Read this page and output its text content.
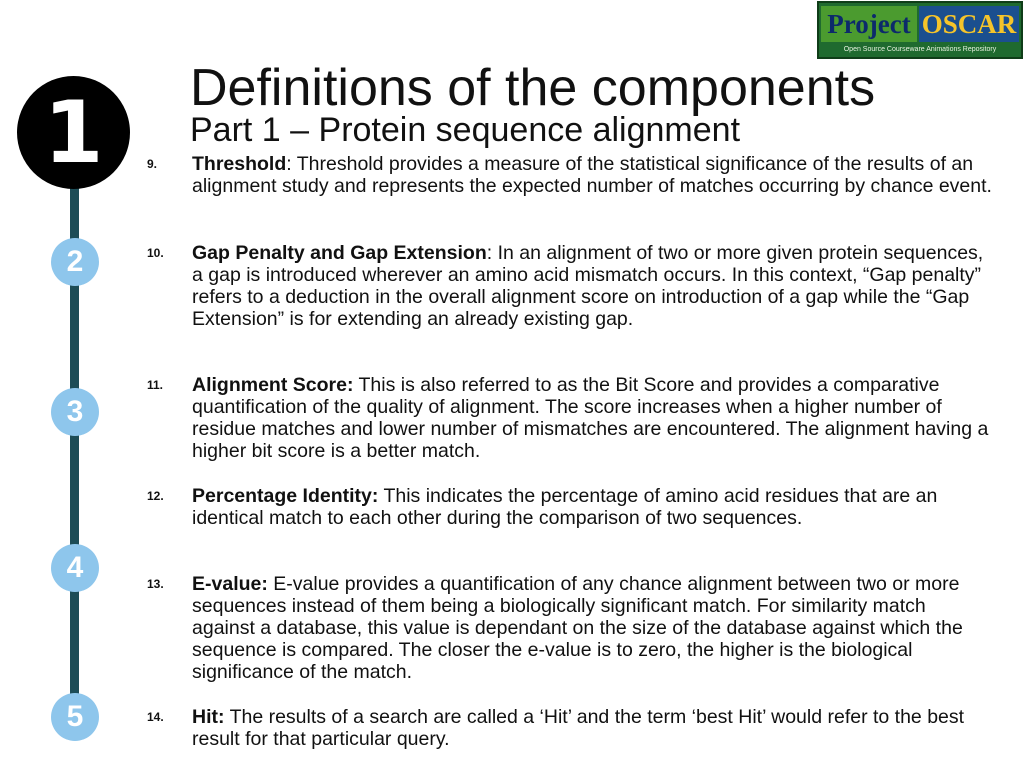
Project OSCAR
Open Source Courseware Animations Repository
1
2
3
4
5
Definitions of the components
Part 1 – Protein sequence alignment
9. Threshold: Threshold provides a measure of the statistical significance of the results of an alignment study and represents the expected number of matches occurring by chance event.
10. Gap Penalty and Gap Extension: In an alignment of two or more given protein sequences, a gap is introduced wherever an amino acid mismatch occurs. In this context, “Gap penalty” refers to a deduction in the overall alignment score on introduction of a gap while the “Gap Extension” is for extending an already existing gap.
11. Alignment Score: This is also referred to as the Bit Score and provides a comparative quantification of the quality of alignment. The score increases when a higher number of residue matches and lower number of mismatches are encountered. The alignment having a higher bit score is a better match.
12. Percentage Identity: This indicates the percentage of amino acid residues that are an identical match to each other during the comparison of two sequences.
13. E-value: E-value provides a quantification of any chance alignment between two or more sequences instead of them being a biologically significant match. For similarity match against a database, this value is dependant on the size of the database against which the sequence is compared. The closer the e-value is to zero, the higher is the biological significance of the match.
14. Hit: The results of a search are called a ‘Hit’ and the term ‘best Hit’ would refer to the best result for that particular query.
